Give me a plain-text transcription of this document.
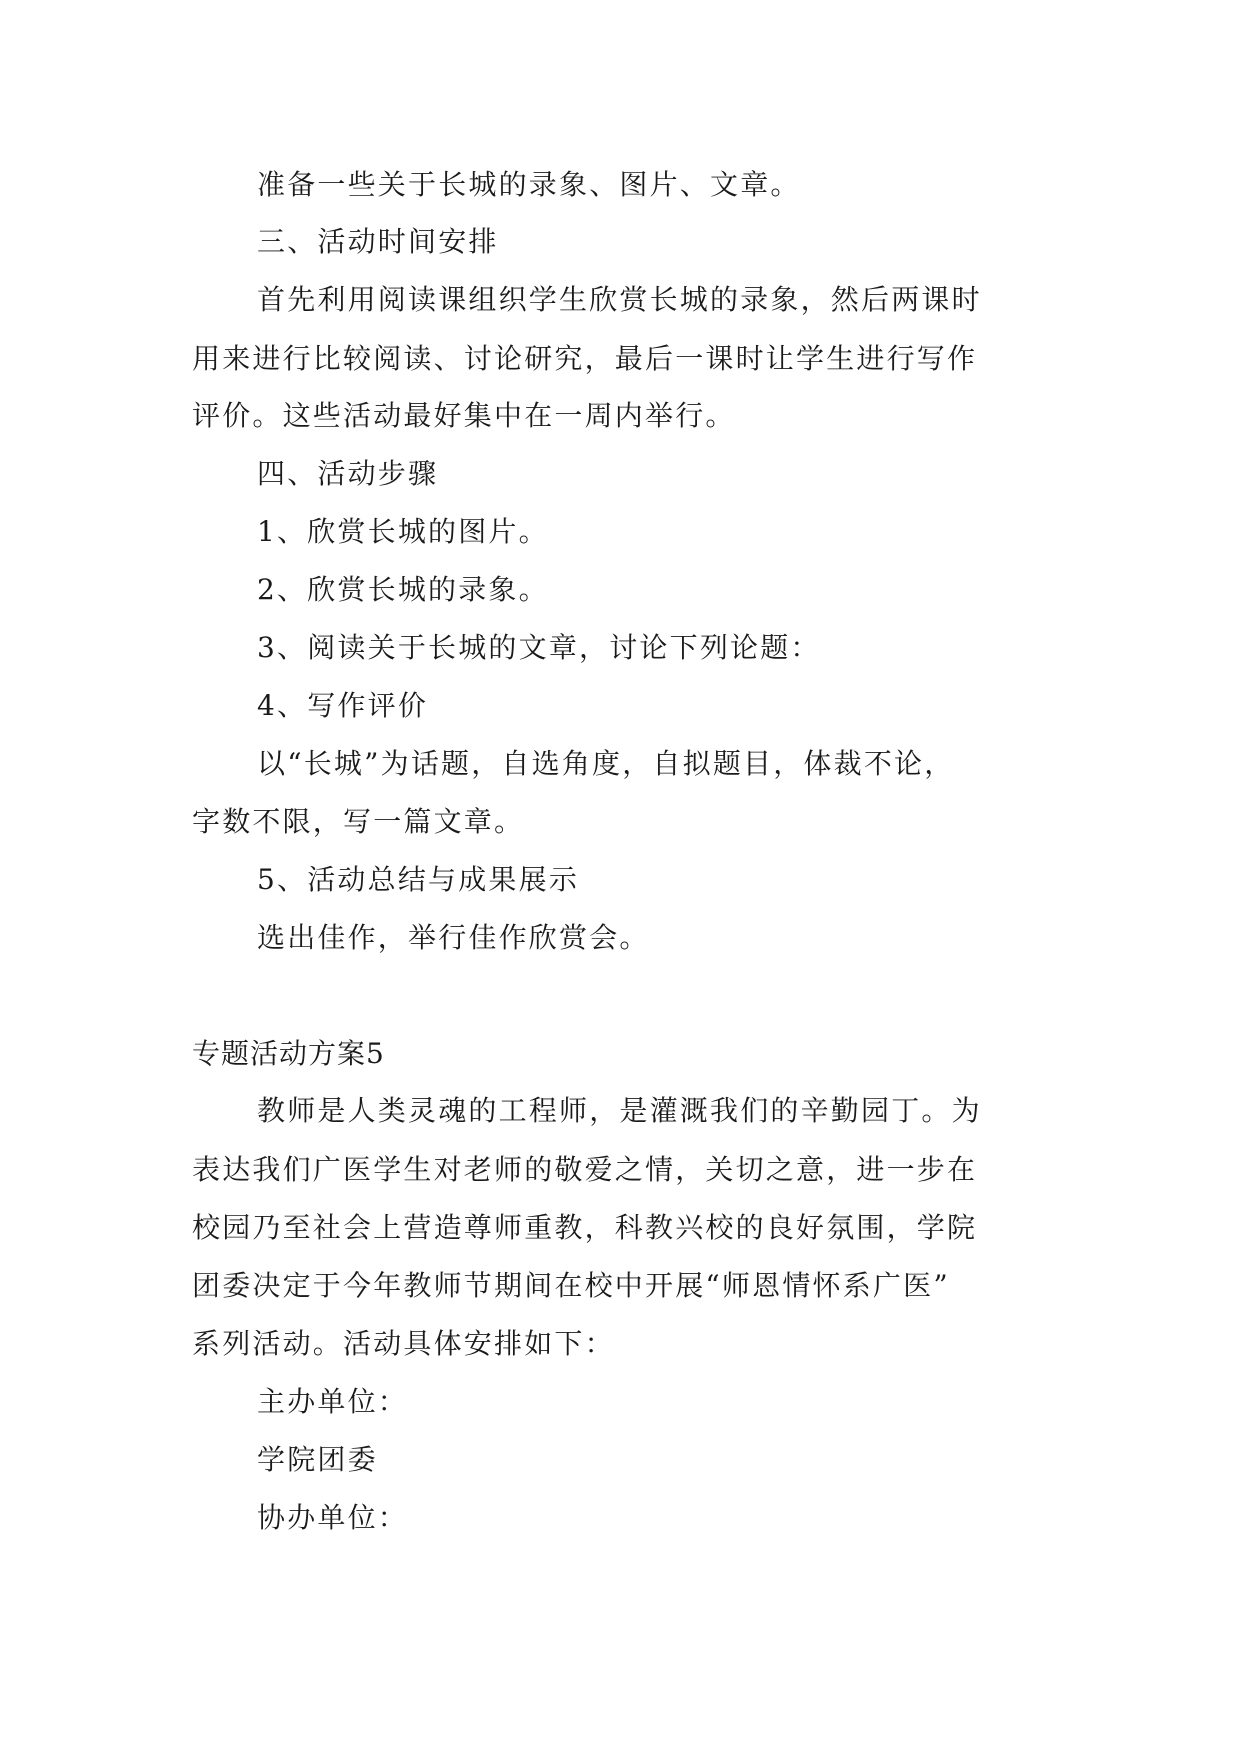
准备一些关于长城的录象、图片、文章。
三、活动时间安排
首先利用阅读课组织学生欣赏长城的录象，然后两课时
用来进行比较阅读、讨论研究，最后一课时让学生进行写作
评价。这些活动最好集中在一周内举行。
四、活动步骤
1、欣赏长城的图片。
2、欣赏长城的录象。
3、阅读关于长城的文章，讨论下列论题：
4、写作评价
以“长城”为话题，自选角度，自拟题目，体裁不论，
字数不限，写一篇文章。
5、活动总结与成果展示
选出佳作，举行佳作欣赏会。
专题活动方案5
教师是人类灵魂的工程师，是灌溉我们的辛勤园丁。为
表达我们广医学生对老师的敬爱之情，关切之意，进一步在
校园乃至社会上营造尊师重教，科教兴校的良好氛围，学院
团委决定于今年教师节期间在校中开展“师恩情怀系广医”
系列活动。活动具体安排如下：
主办单位：
学院团委
协办单位：
